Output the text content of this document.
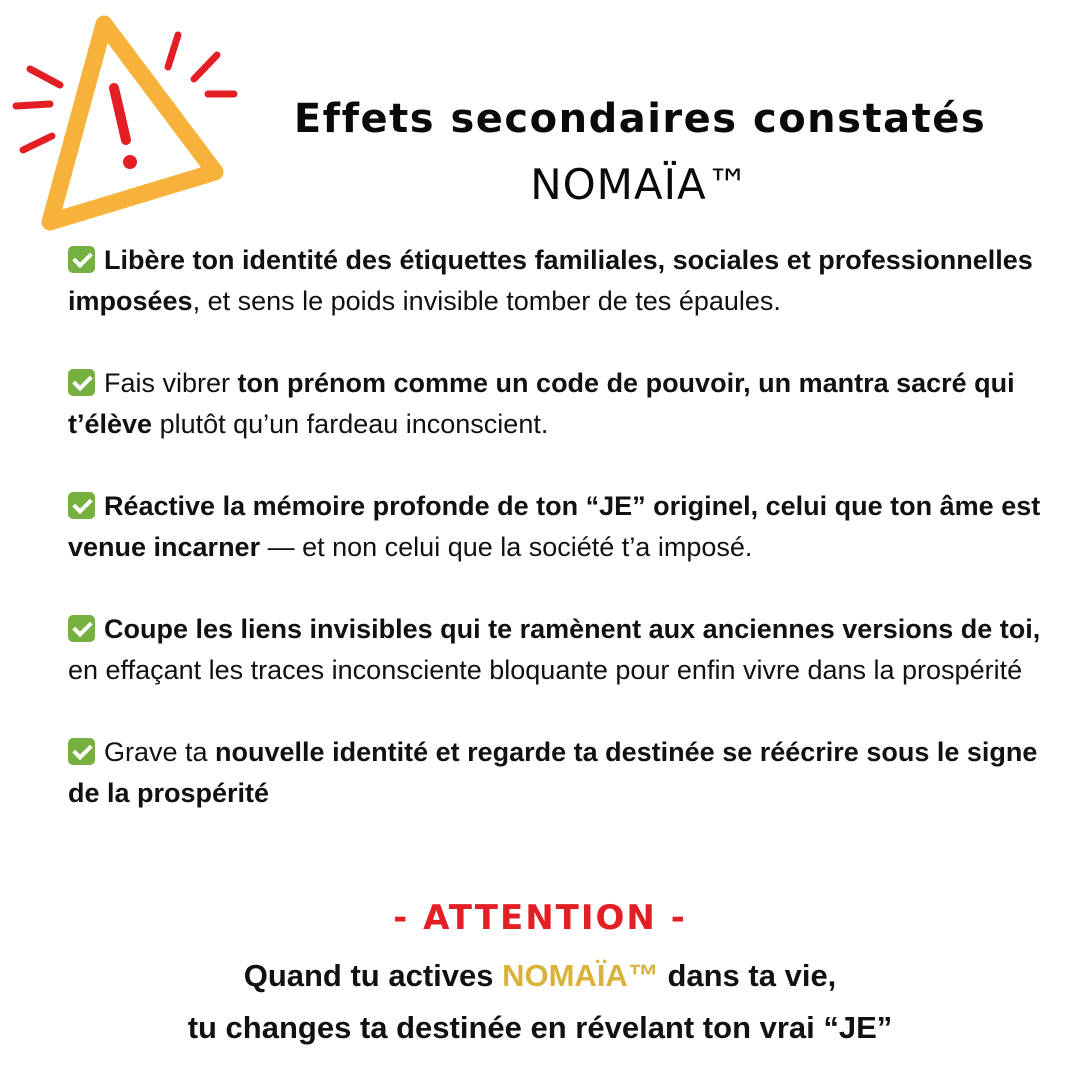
Effets secondaires constatés
NOMAÏA™

Libère ton identité des étiquettes familiales, sociales et professionnelles imposées, et sens le poids invisible tomber de tes épaules.

Fais vibrer ton prénom comme un code de pouvoir, un mantra sacré qui t’élève plutôt qu’un fardeau inconscient.

Réactive la mémoire profonde de ton “JE” originel, celui que ton âme est venue incarner — et non celui que la société t’a imposé.

Coupe les liens invisibles qui te ramènent aux anciennes versions de toi, en effaçant les traces inconsciente bloquante pour enfin vivre dans la prospérité

Grave ta nouvelle identité et regarde ta destinée se réécrire sous le signe de la prospérité

- ATTENTION -
Quand tu actives NOMAÏA™ dans ta vie,
tu changes ta destinée en révelant ton vrai “JE”
